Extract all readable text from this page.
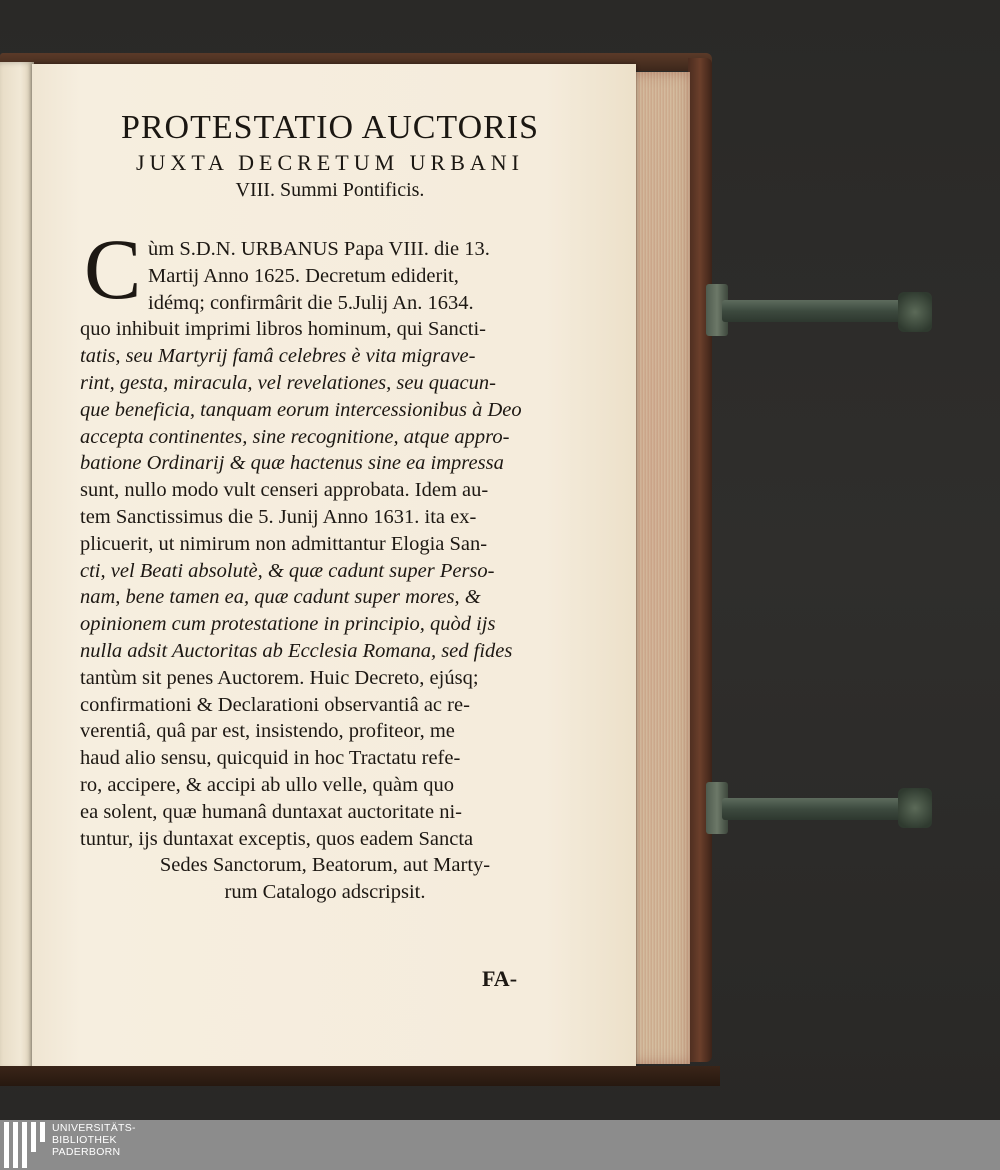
PROTESTATIO AUCTORIS
JUXTA DECRETUM URBANI
VIII. Summi Pontificis.
C ùm S.D.N. URBANUS Papa VIII. die 13.
Martij Anno 1625. Decretum ediderit,
idémq; confirmârit die 5.Julij An. 1634.
quo inhibuit imprimi libros hominum, qui Sancti-
tatis, seu Martyrij famâ celebres è vita migrave-
rint, gesta, miracula, vel revelationes, seu quacun-
que beneficia, tanquam eorum intercessionibus à Deo
accepta continentes, sine recognitione, atque appro-
batione Ordinarij & quæ hactenus sine ea impressa
sunt, nullo modo vult censeri approbata. Idem au-
tem Sanctissimus die 5. Junij Anno 1631. ita ex-
plicuerit, ut nimirum non admittantur Elogia San-
cti, vel Beati absolutè, & quæ cadunt super Perso-
nam, bene tamen ea, quæ cadunt super mores, &
opinionem cum protestatione in principio, quòd ijs
nulla adsit Auctoritas ab Ecclesia Romana, sed fides
tantùm sit penes Auctorem. Huic Decreto, ejúsq;
confirmationi & Declarationi observantiâ ac re-
verentiâ, quâ par est, insistendo, profiteor, me
haud alio sensu, quicquid in hoc Tractatu refe-
ro, accipere, & accipi ab ullo velle, quàm quo
ea solent, quæ humanâ duntaxat auctoritate ni-
tuntur, ijs duntaxat exceptis, quos eadem Sancta
Sedes Sanctorum, Beatorum, aut Marty-
rum Catalogo adscripsit.
FA-
UNIVERSITÄTS-
BIBLIOTHEK
PADERBORN
